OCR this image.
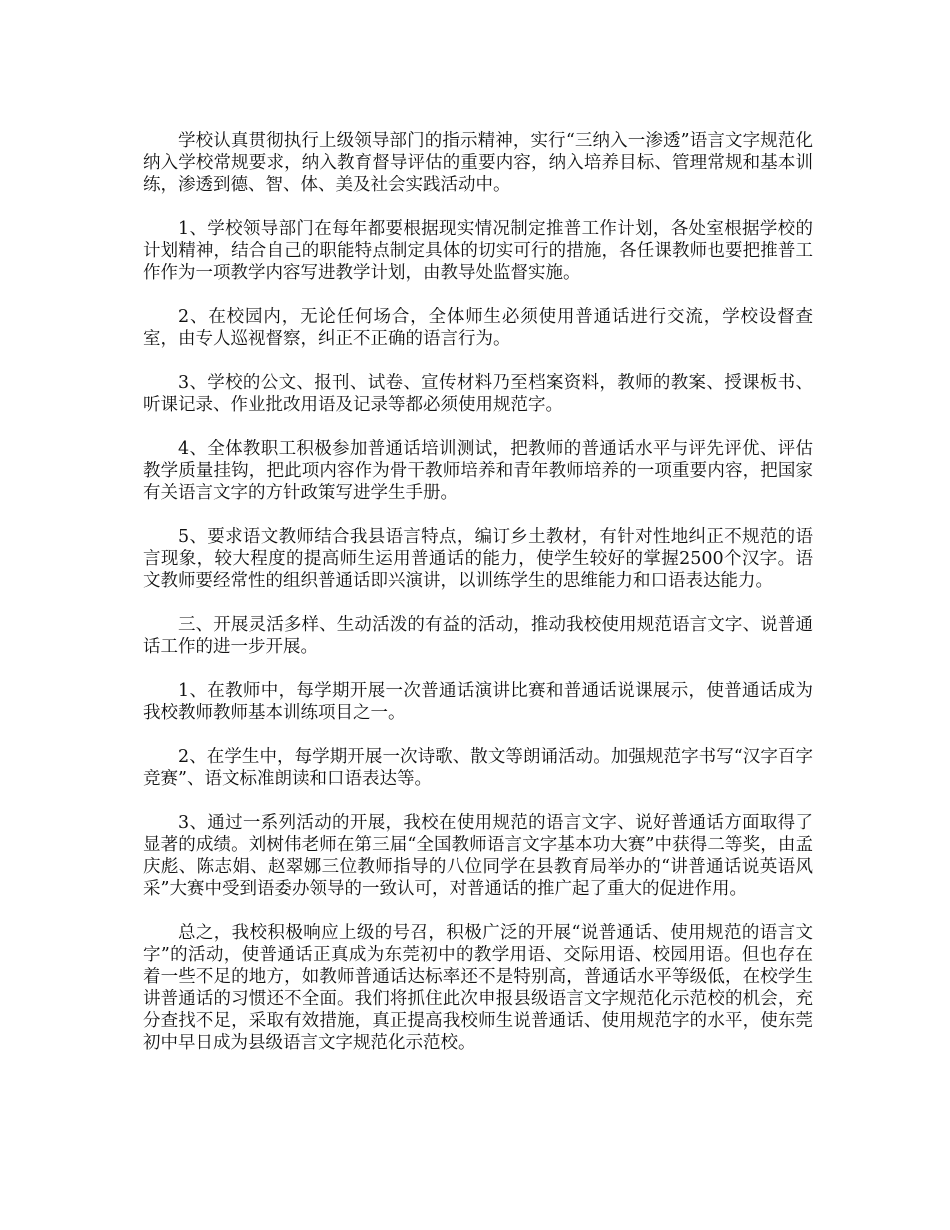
学校认真贯彻执行上级领导部门的指示精神，实行“三纳入一渗透”语言文字规范化纳入学校常规要求，纳入教育督导评估的重要内容，纳入培养目标、管理常规和基本训练，渗透到德、智、体、美及社会实践活动中。

1、学校领导部门在每年都要根据现实情况制定推普工作计划，各处室根据学校的计划精神，结合自己的职能特点制定具体的切实可行的措施，各任课教师也要把推普工作作为一项教学内容写进教学计划，由教导处监督实施。

2、在校园内，无论任何场合，全体师生必须使用普通话进行交流，学校设督查室，由专人巡视督察，纠正不正确的语言行为。

3、学校的公文、报刊、试卷、宣传材料乃至档案资料，教师的教案、授课板书、听课记录、作业批改用语及记录等都必须使用规范字。

4、全体教职工积极参加普通话培训测试，把教师的普通话水平与评先评优、评估教学质量挂钩，把此项内容作为骨干教师培养和青年教师培养的一项重要内容，把国家有关语言文字的方针政策写进学生手册。

5、要求语文教师结合我县语言特点，编订乡土教材，有针对性地纠正不规范的语言现象，较大程度的提高师生运用普通话的能力，使学生较好的掌握2500个汉字。语文教师要经常性的组织普通话即兴演讲，以训练学生的思维能力和口语表达能力。

三、开展灵活多样、生动活泼的有益的活动，推动我校使用规范语言文字、说普通话工作的进一步开展。

1、在教师中，每学期开展一次普通话演讲比赛和普通话说课展示，使普通话成为我校教师教师基本训练项目之一。

2、在学生中，每学期开展一次诗歌、散文等朗诵活动。加强规范字书写“汉字百字竞赛”、语文标准朗读和口语表达等。

3、通过一系列活动的开展，我校在使用规范的语言文字、说好普通话方面取得了显著的成绩。刘树伟老师在第三届“全国教师语言文字基本功大赛”中获得二等奖，由孟庆彪、陈志娟、赵翠娜三位教师指导的八位同学在县教育局举办的“讲普通话说英语风采”大赛中受到语委办领导的一致认可，对普通话的推广起了重大的促进作用。

总之，我校积极响应上级的号召，积极广泛的开展“说普通话、使用规范的语言文字”的活动，使普通话正真成为东莞初中的教学用语、交际用语、校园用语。但也存在着一些不足的地方，如教师普通话达标率还不是特别高，普通话水平等级低，在校学生讲普通话的习惯还不全面。我们将抓住此次申报县级语言文字规范化示范校的机会，充分查找不足，采取有效措施，真正提高我校师生说普通话、使用规范字的水平，使东莞初中早日成为县级语言文字规范化示范校。
